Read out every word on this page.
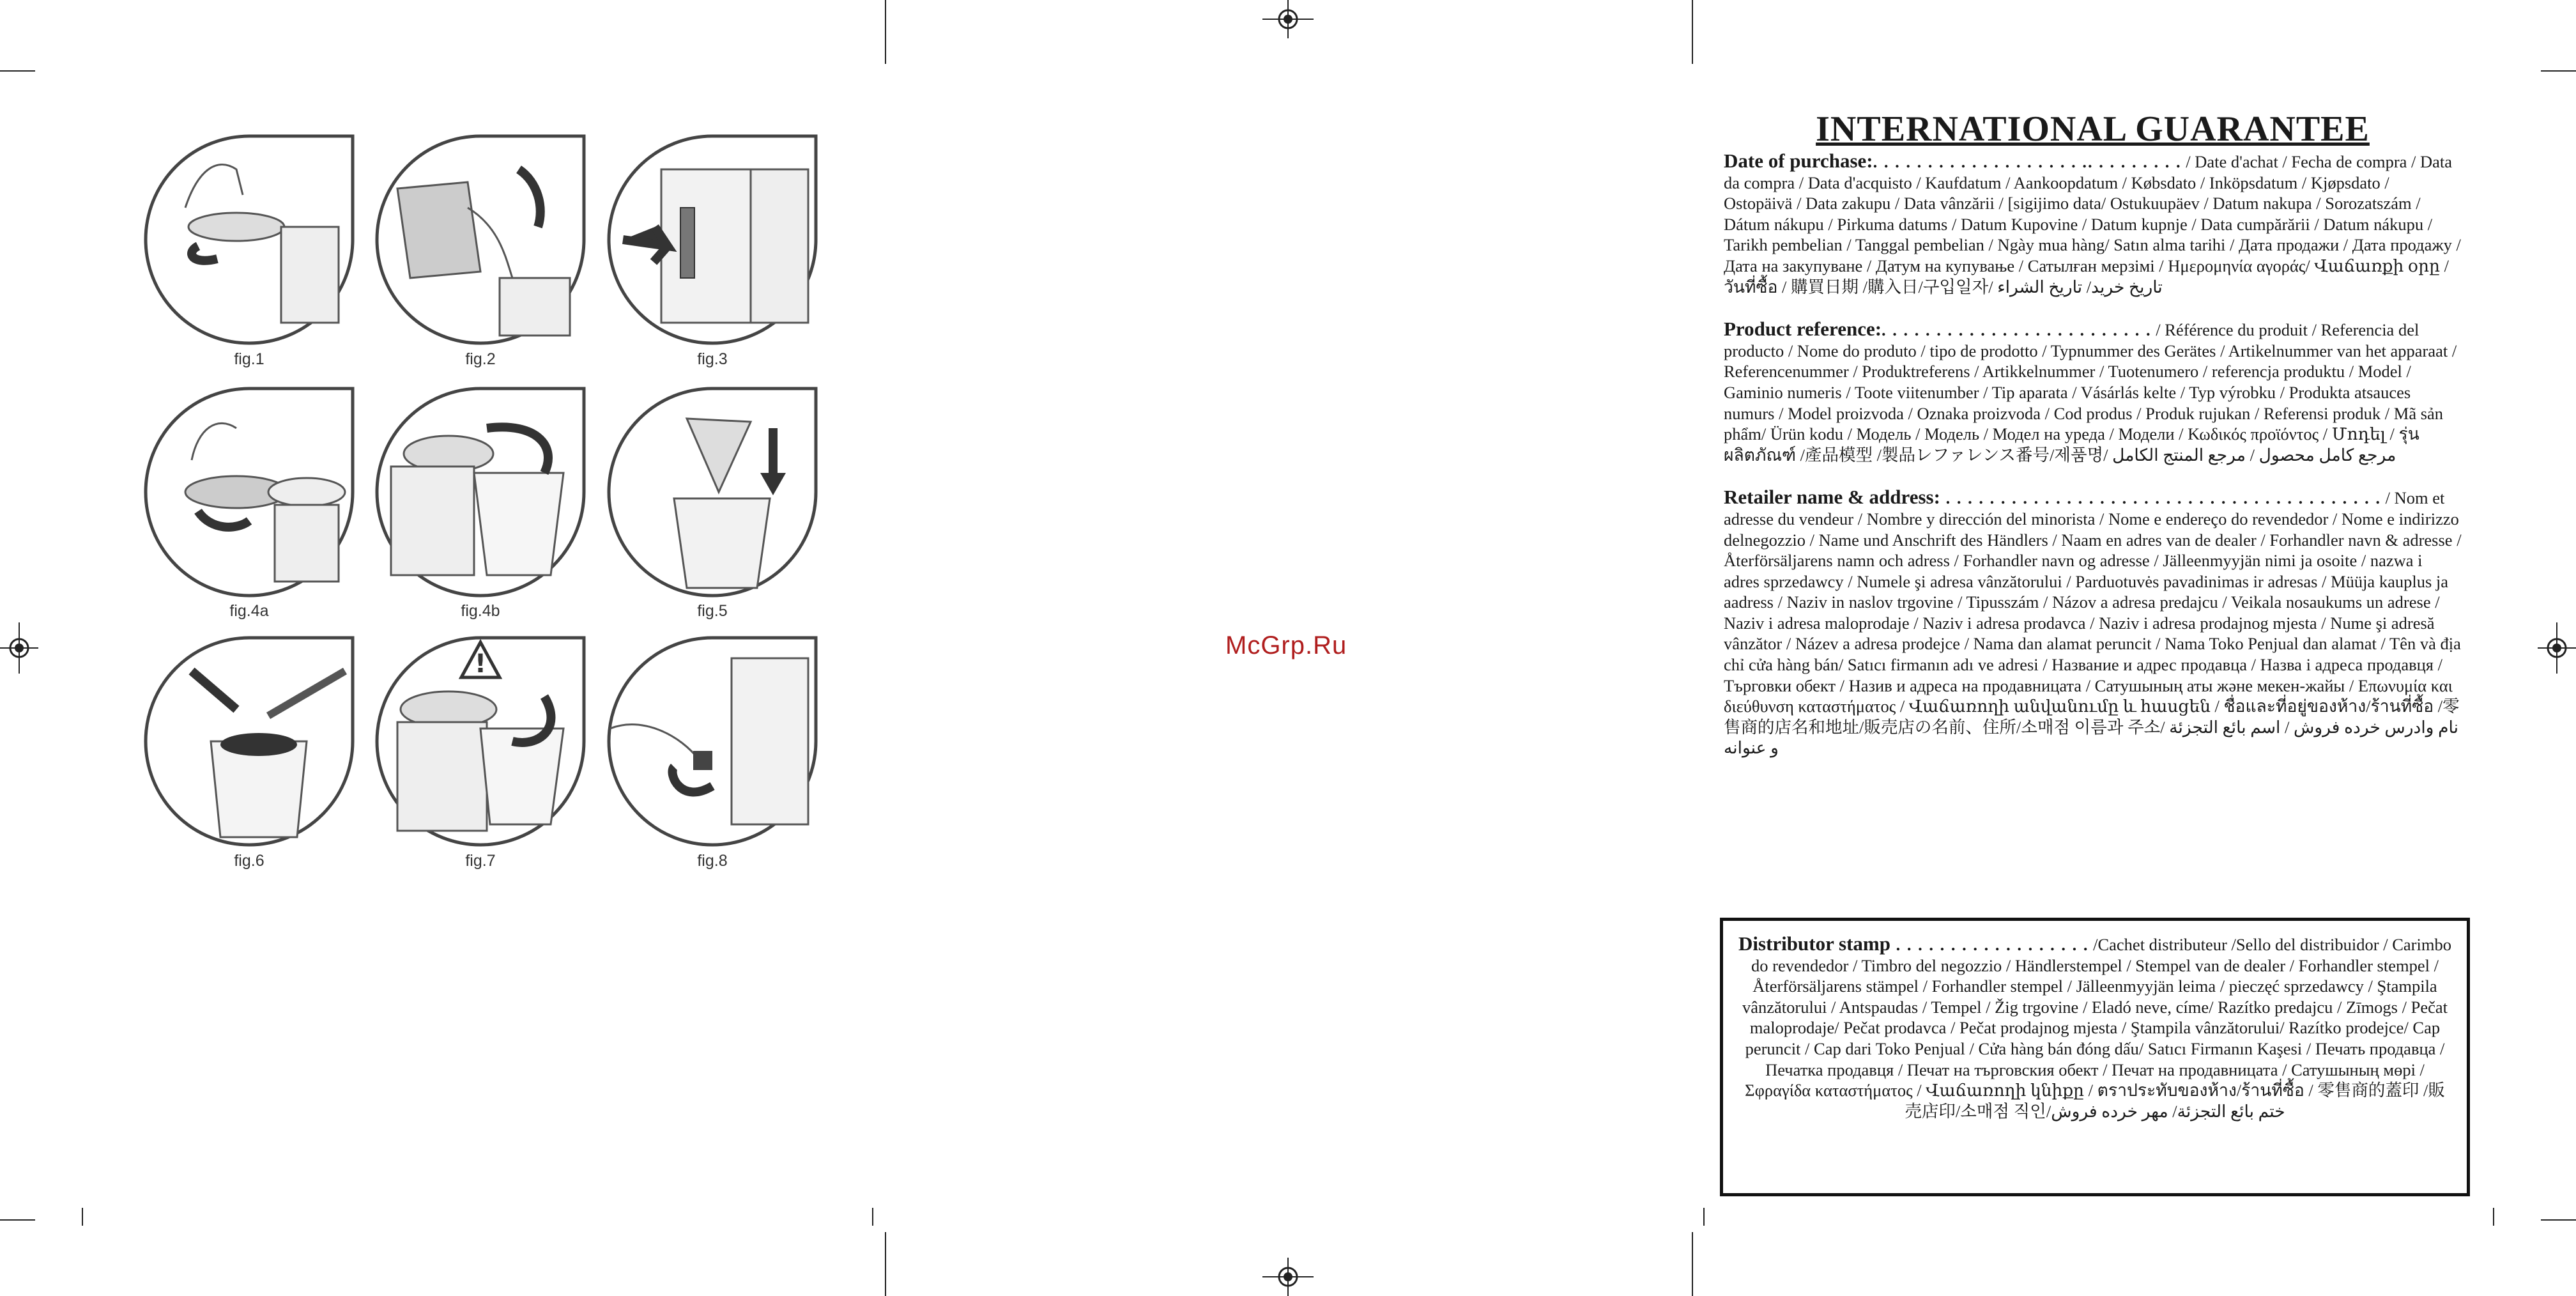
fig.1	fig.2	fig.3
fig.4a	fig.4b	fig.5
fig.6
!
fig.7	fig.8
McGrp.Ru
INTERNATIONAL GUARANTEE
Date of purchase:. . . . . . . . . . . . . . . . . . . .. . . . . . . . . / Date d'achat / Fecha de compra / Data da compra / Data d'acquisto / Kaufdatum / Aankoopdatum / Købsdato / Inköpsdatum / Kjøpsdato / Ostopäivä / Data zakupu / Data vânzării / [sigijimo data/ Ostukuupäev / Datum nakupa / Sorozatszám / Dátum nákupu / Pirkuma datums / Datum Kupovine / Datum kupnje / Data cumpărării / Datum nákupu / Tarikh pembelian / Tanggal pembelian / Ngày mua hàng/ Satın alma tarihi / Дата продажи / Дата продажу / Дата на закупуване / Датум на купување / Сатылған мерзімі / Ημερομηνία αγοράς/ Վաճառքի օրը /วันที่ซื้อ / 購買日期 /購入日/구입일자/ تاریخ خرید/ تاريخ الشراء
Product reference:. . . . . . . . . . . . . . . . . . . . . . . . . / Référence du produit / Referencia del producto / Nome do produto / tipo de prodotto / Typnummer des Gerätes / Artikelnummer van het apparaat / Referencenummer / Produktreferens / Artikkelnummer / Tuotenumero / referencja produktu / Model / Gaminio numeris / Toote viitenumber / Tip aparata / Vásárlás kelte / Typ výrobku / Produkta atsauces numurs / Model proizvoda / Oznaka proizvoda / Cod produs / Produk rujukan / Referensi produk / Mã sản phẩm/ Ürün kodu / Модель / Модель / Модел на уреда / Модели / Κωδικός προϊόντος / Մոդել / รุ่นผลิตภัณฑ์ /產品模型 /製品レファレンス番号/제품명/ مرجع كامل محصول / مرجع المنتج الكامل
Retailer name & address: . . . . . . . . . . . . . . . . . . . . . . . . . . . . . . . . . . . . . . . . / Nom et adresse du vendeur / Nombre y dirección del minorista / Nome e endereço do revendedor / Nome e indirizzo delnegozzio / Name und Anschrift des Händlers / Naam en adres van de dealer / Forhandler navn & adresse / Återförsäljarens namn och adress / Forhandler navn og adresse / Jälleenmyyjän nimi ja osoite / nazwa i adres sprzedawcy / Numele şi adresa vânzătorului / Parduotuvės pavadinimas ir adresas / Müüja kauplus ja aadress / Naziv in naslov trgovine / Tipusszám / Názov a adresa predajcu / Veikala nosaukums un adrese / Naziv i adresa maloprodaje / Naziv i adresa prodavca / Naziv i adresa prodajnog mjesta / Nume şi adresă vânzător / Název a adresa prodejce / Nama dan alamat peruncit / Nama Toko Penjual dan alamat / Tên và địa chỉ cửa hàng bán/ Satıcı firmanın adı ve adresi / Название и адрес продавца / Назва і адреса продавця / Търговки обект / Назив и адреса на продавницата / Сатушының аты және мекен-жайы / Επωνυμία και διεύθυνση καταστήματος / Վաճառողի անվանումը և հասցեն / ชื่อและที่อยู่ของห้าง/ร้านที่ซื้อ /零售商的店名和地址/販売店の名前、住所/소매점 이름과 주소/ نام وادرس خرده فروش / اسم بائع التجزئة و عنوانه
Distributor stamp . . . . . . . . . . . . . . . . . . /Cachet distributeur /Sello del distribuidor / Carimbo do revendedor / Timbro del negozzio / Händlerstempel / Stempel van de dealer / Forhandler stempel / Återförsäljarens stämpel / Forhandler stempel / Jälleenmyyjän leima / pieczęć sprzedawcy / Ştampila vânzătorului / Antspaudas / Tempel / Žig trgovine / Eladó neve, címe/ Razítko predajcu / Zīmogs / Pečat maloprodaje/ Pečat prodavca / Pečat prodajnog mjesta / Ştampila vânzătorului/ Razítko prodejce/ Cap peruncit / Cap dari Toko Penjual / Cửa hàng bán đóng dấu/ Satıcı Firmanın Kaşesi / Печать продавца / Печатка продавця / Печат на търговския обект / Печат на продавницата / Сатушының мөрі / Σφραγίδα καταστήματος / Վաճառողի կնիքը / ตราประทับของห้าง/ร้านที่ซื้อ / 零售商的蓋印 /販売店印/소매점 직인/ختم بائع التجزئة/ مهر خرده فروش
